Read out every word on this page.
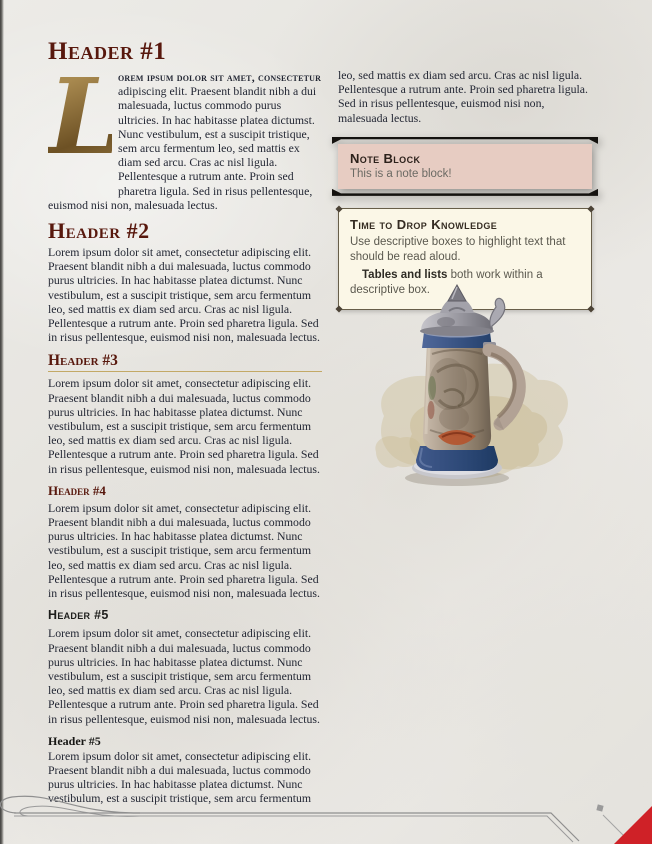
Header #1

L
orem ipsum dolor sit amet, consectetur adipiscing elit. Praesent blandit nibh a dui malesuada, luctus commodo purus ultricies. In hac habitasse platea dictumst. Nunc vestibulum, est a suscipit tristique, sem arcu fermentum leo, sed mattis ex diam sed arcu. Cras ac nisl ligula. Pellentesque a rutrum ante. Proin sed pharetra ligula. Sed in risus pellentesque, euismod nisi non, malesuada lectus.

Header #2

Lorem ipsum dolor sit amet, consectetur adipiscing elit. Praesent blandit nibh a dui malesuada, luctus commodo purus ultricies. In hac habitasse platea dictumst. Nunc vestibulum, est a suscipit tristique, sem arcu fermentum leo, sed mattis ex diam sed arcu. Cras ac nisl ligula. Pellentesque a rutrum ante. Proin sed pharetra ligula. Sed in risus pellentesque, euismod nisi non, malesuada lectus.

Header #3

Lorem ipsum dolor sit amet, consectetur adipiscing elit. Praesent blandit nibh a dui malesuada, luctus commodo purus ultricies. In hac habitasse platea dictumst. Nunc vestibulum, est a suscipit tristique, sem arcu fermentum leo, sed mattis ex diam sed arcu. Cras ac nisl ligula. Pellentesque a rutrum ante. Proin sed pharetra ligula. Sed in risus pellentesque, euismod nisi non, malesuada lectus.

Header #4

Lorem ipsum dolor sit amet, consectetur adipiscing elit. Praesent blandit nibh a dui malesuada, luctus commodo purus ultricies. In hac habitasse platea dictumst. Nunc vestibulum, est a suscipit tristique, sem arcu fermentum leo, sed mattis ex diam sed arcu. Cras ac nisl ligula. Pellentesque a rutrum ante. Proin sed pharetra ligula. Sed in risus pellentesque, euismod nisi non, malesuada lectus.

Header #5

Lorem ipsum dolor sit amet, consectetur adipiscing elit. Praesent blandit nibh a dui malesuada, luctus commodo purus ultricies. In hac habitasse platea dictumst. Nunc vestibulum, est a suscipit tristique, sem arcu fermentum leo, sed mattis ex diam sed arcu. Cras ac nisl ligula. Pellentesque a rutrum ante. Proin sed pharetra ligula. Sed in risus pellentesque, euismod nisi non, malesuada lectus.

Header #5

Lorem ipsum dolor sit amet, consectetur adipiscing elit. Praesent blandit nibh a dui malesuada, luctus commodo purus ultricies. In hac habitasse platea dictumst. Nunc vestibulum, est a suscipit tristique, sem arcu fermentum

leo, sed mattis ex diam sed arcu. Cras ac nisl ligula. Pellentesque a rutrum ante. Proin sed pharetra ligula. Sed in risus pellentesque, euismod nisi non, malesuada lectus.

Note Block
This is a note block!
Time to Drop Knowledge

Use descriptive boxes to highlight text that should be read aloud.

Tables and lists both work within a descriptive box.
